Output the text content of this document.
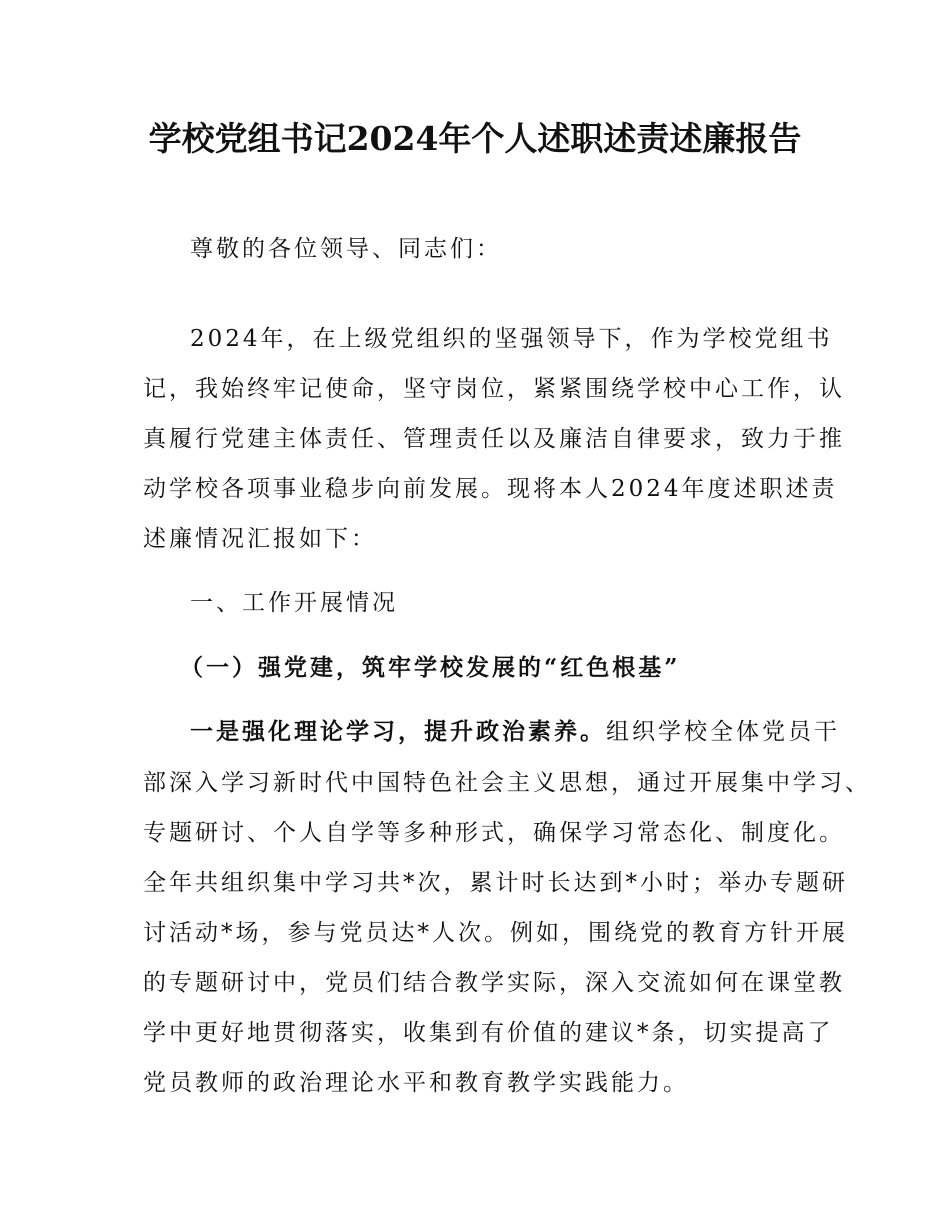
学校党组书记2024年个人述职述责述廉报告
尊敬的各位领导、同志们：
2024年，在上级党组织的坚强领导下，作为学校党组书
记，我始终牢记使命，坚守岗位，紧紧围绕学校中心工作，认
真履行党建主体责任、管理责任以及廉洁自律要求，致力于推
动学校各项事业稳步向前发展。现将本人2024年度述职述责
述廉情况汇报如下：
一、工作开展情况
（一）强党建，筑牢学校发展的“红色根基”
一是强化理论学习，提升政治素养。组织学校全体党员干
部深入学习新时代中国特色社会主义思想，通过开展集中学习、
专题研讨、个人自学等多种形式，确保学习常态化、制度化。
全年共组织集中学习共*次，累计时长达到*小时；举办专题研
讨活动*场，参与党员达*人次。例如，围绕党的教育方针开展
的专题研讨中，党员们结合教学实际，深入交流如何在课堂教
学中更好地贯彻落实，收集到有价值的建议*条，切实提高了
党员教师的政治理论水平和教育教学实践能力。
